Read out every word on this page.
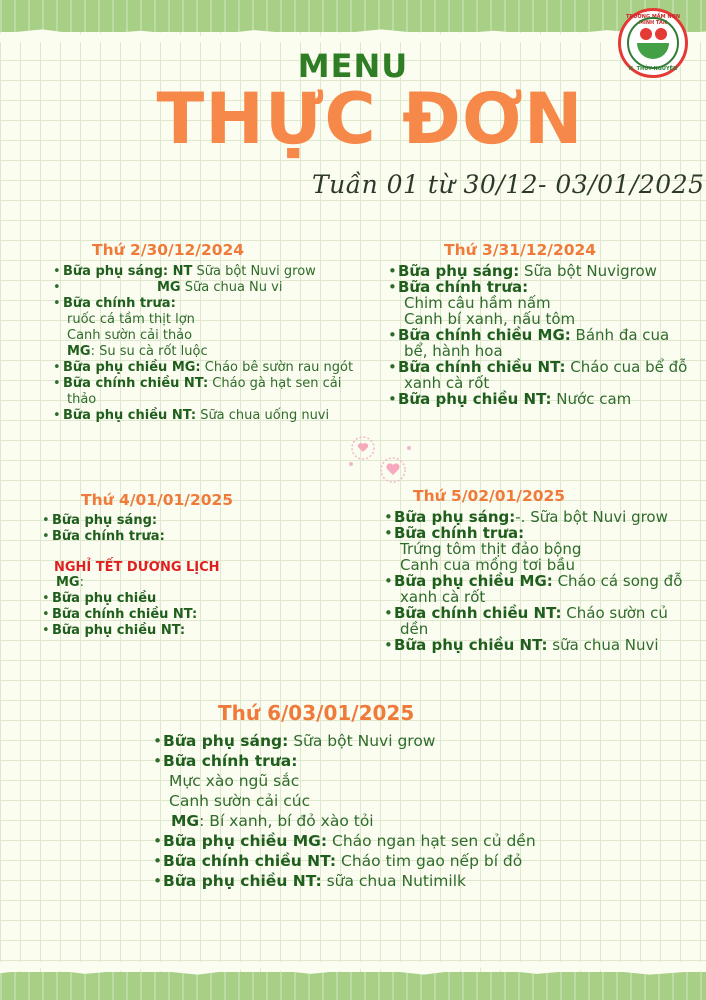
TRƯỜNG MẦM NON MINH TÂN
H. THỦY NGUYÊN
MENU
THỰC ĐƠN
Tuần 01 từ 30/12- 03/01/2025
Thứ 2/30/12/2024
• Bữa phụ sáng: NT Sữa bột Nuvi grow
• MG Sữa chua Nu vi
• Bữa chính trưa:
ruốc cá tầm thịt lợn
Canh sườn cải thảo
MG: Su su cà rốt luộc
• Bữa phụ chiều MG: Cháo bê sườn rau ngót
• Bữa chính chiều NT: Cháo gà hạt sen cải
thảo
• Bữa phụ chiều NT: Sữa chua uống nuvi
Thứ 3/31/12/2024
• Bữa phụ sáng: Sữa bột Nuvigrow
• Bữa chính trưa:
Chim câu hầm nấm
Canh bí xanh, nấu tôm
• Bữa chính chiều MG: Bánh đa cua
bể, hành hoa
• Bữa chính chiều NT: Cháo cua bể đỗ
xanh cà rốt
• Bữa phụ chiều NT: Nước cam
Thứ 4/01/01/2025
• Bữa phụ sáng:
• Bữa chính trưa:
NGHỈ TẾT DƯƠNG LỊCH
MG:
• Bữa phụ chiều
• Bữa chính chiều NT:
• Bữa phụ chiều NT:
Thứ 5/02/01/2025
• Bữa phụ sáng:-. Sữa bột Nuvi grow
• Bữa chính trưa:
Trứng tôm thịt đảo bộng
Canh cua mồng tơi bầu
• Bữa phụ chiều MG: Cháo cá song đỗ
xanh cà rốt
• Bữa chính chiều NT: Cháo sườn củ
dền
• Bữa phụ chiều NT: sữa chua Nuvi
Thứ 6/03/01/2025
• Bữa phụ sáng: Sữa bột Nuvi grow
• Bữa chính trưa:
Mực xào ngũ sắc
Canh sườn cải cúc
MG: Bí xanh, bí đỏ xào tỏi
• Bữa phụ chiều MG: Cháo ngan hạt sen củ dền
• Bữa chính chiều NT: Cháo tim gao nếp bí đỏ
• Bữa phụ chiều NT: sữa chua Nutimilk
